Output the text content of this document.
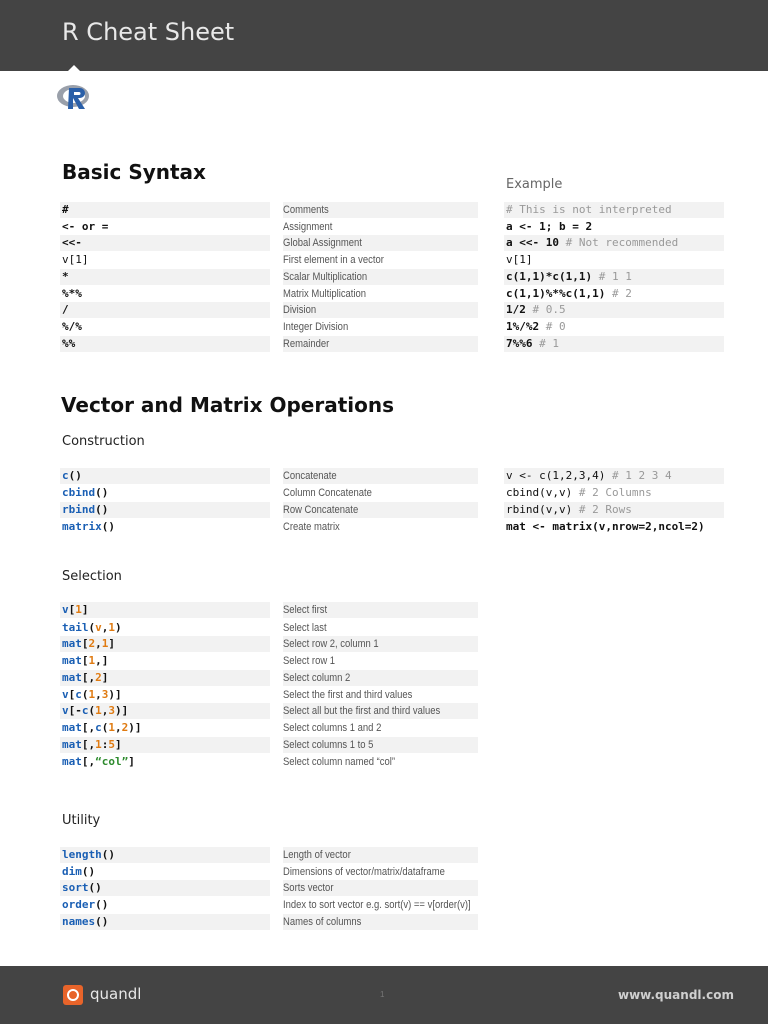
R Cheat Sheet
Basic Syntax
Example
#	Comments	# This is not interpreted
<- or =	Assignment	a <- 1; b = 2
<<-	Global Assignment	a <<- 10 # Not recommended
v[1]	First element in a vector	v[1]
*	Scalar Multiplication	c(1,1)*c(1,1) # 1 1
%*%	Matrix Multiplication	c(1,1)%*%c(1,1) # 2
/	Division	1/2 # 0.5
%/%	Integer Division	1%/%2 # 0
%%	Remainder	7%%6 # 1
Vector and Matrix Operations
Construction
c()	Concatenate	v <- c(1,2,3,4) # 1 2 3 4
cbind()	Column Concatenate	cbind(v,v) # 2 Columns
rbind()	Row Concatenate	rbind(v,v) # 2 Rows
matrix()	Create matrix	mat <- matrix(v,nrow=2,ncol=2)
Selection
v[1]	Select first
tail(v,1)	Select last
mat[2,1]	Select row 2, column 1
mat[1,]	Select row 1
mat[,2]	Select column 2
v[c(1,3)]	Select the first and third values
v[-c(1,3)]	Select all but the first and third values
mat[,c(1,2)]	Select columns 1 and 2
mat[,1:5]	Select columns 1 to 5
mat[,“col”]	Select column named “col”
Utility
length()	Length of vector
dim()	Dimensions of vector/matrix/dataframe
sort()	Sorts vector
order()	Index to sort vector e.g. sort(v) == v[order(v)]
names()	Names of columns
quandl	1	www.quandl.com
